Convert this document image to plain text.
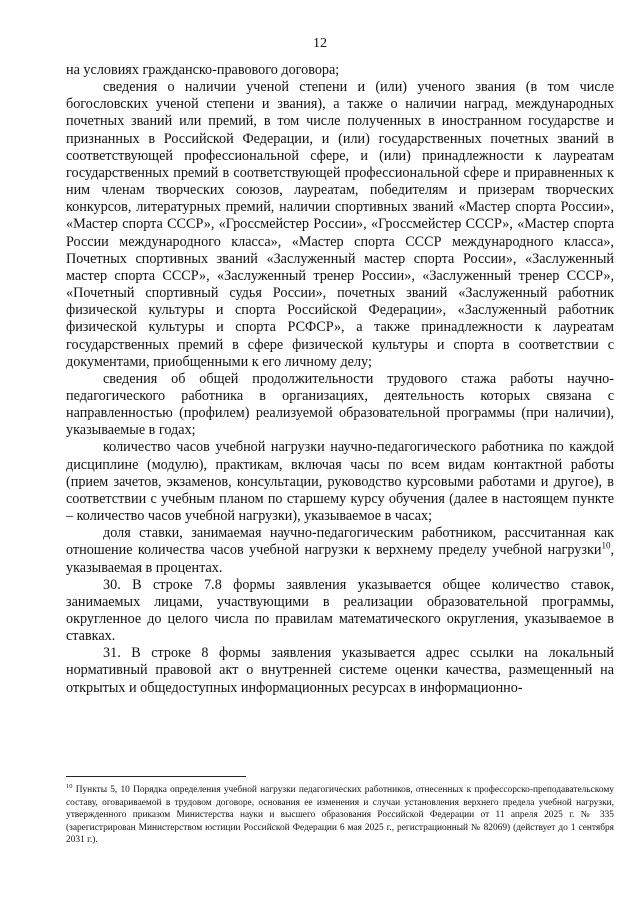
12

на условиях гражданско-правового договора;

сведения о наличии ученой степени и (или) ученого звания (в том числе богословских ученой степени и звания), а также о наличии наград, международных почетных званий или премий, в том числе полученных в иностранном государстве и признанных в Российской Федерации, и (или) государственных почетных званий в соответствующей профессиональной сфере, и (или) принадлежности к лауреатам государственных премий в соответствующей профессиональной сфере и приравненных к ним членам творческих союзов, лауреатам, победителям и призерам творческих конкурсов, литературных премий, наличии спортивных званий «Мастер спорта России», «Мастер спорта СССР», «Гроссмейстер России», «Гроссмейстер СССР», «Мастер спорта России международного класса», «Мастер спорта СССР международного класса», Почетных спортивных званий «Заслуженный мастер спорта России», «Заслуженный мастер спорта СССР», «Заслуженный тренер России», «Заслуженный тренер СССР», «Почетный спортивный судья России», почетных званий «Заслуженный работник физической культуры и спорта Российской Федерации», «Заслуженный работник физической культуры и спорта РСФСР», а также принадлежности к лауреатам государственных премий в сфере физической культуры и спорта в соответствии с документами, приобщенными к его личному делу;

сведения об общей продолжительности трудового стажа работы научно-педагогического работника в организациях, деятельность которых связана с направленностью (профилем) реализуемой образовательной программы (при наличии), указываемые в годах;

количество часов учебной нагрузки научно-педагогического работника по каждой дисциплине (модулю), практикам, включая часы по всем видам контактной работы (прием зачетов, экзаменов, консультации, руководство курсовыми работами и другое), в соответствии с учебным планом по старшему курсу обучения (далее в настоящем пункте – количество часов учебной нагрузки), указываемое в часах;

доля ставки, занимаемая научно-педагогическим работником, рассчитанная как отношение количества часов учебной нагрузки к верхнему пределу учебной нагрузки$^{10}$, указываемая в процентах.

30. В строке 7.8 формы заявления указывается общее количество ставок, занимаемых лицами, участвующими в реализации образовательной программы, округленное до целого числа по правилам математического округления, указываемое в ставках.

31. В строке 8 формы заявления указывается адрес ссылки на локальный нормативный правовой акт о внутренней системе оценки качества, размещенный на открытых и общедоступных информационных ресурсах в информационно-

$^{10}$ Пункты 5, 10 Порядка определения учебной нагрузки педагогических работников, отнесенных к профессорско-преподавательскому составу, оговариваемой в трудовом договоре, основания ее изменения и случаи установления верхнего предела учебной нагрузки, утвержденного приказом Министерства науки и высшего образования Российской Федерации от 11 апреля 2025 г. № 335 (зарегистрирован Министерством юстиции Российской Федерации 6 мая 2025 г., регистрационный № 82069) (действует до 1 сентября 2031 г.).
